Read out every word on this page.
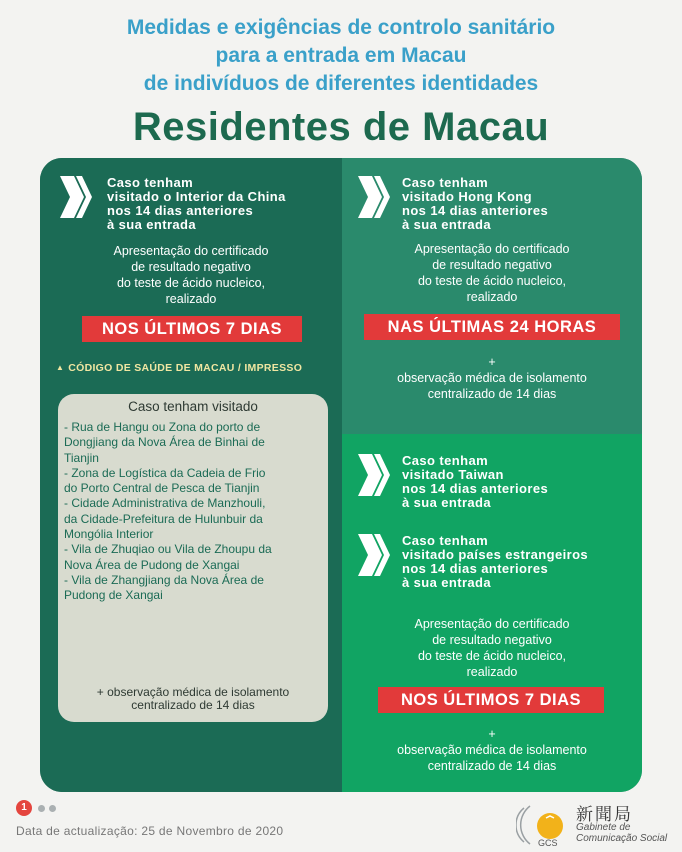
Medidas e exigências de controlo sanitário
para a entrada em Macau
de indivíduos de diferentes identidades
Residentes de Macau
Caso tenham
visitado o Interior da China
nos 14 dias anteriores
à sua entrada
Apresentação do certificado
de resultado negativo
do teste de ácido nucleico,
realizado
NOS ÚLTIMOS 7 DIAS
▲ CÓDIGO DE SAÚDE DE MACAU / IMPRESSO
Caso tenham visitado
- Rua de Hangu ou Zona do porto de
Dongjiang da Nova Área de Binhai de
Tianjin
- Zona de Logística da Cadeia de Frio
do Porto Central de Pesca de Tianjin
- Cidade Administrativa de Manzhouli,
da Cidade-Prefeitura de Hulunbuir da
Mongólia Interior
- Vila de Zhuqiao ou Vila de Zhoupu da
Nova Área de Pudong de Xangai
- Vila de Zhangjiang da Nova Área de
Pudong de Xangai
+ observação médica de isolamento
centralizado de 14 dias
Caso tenham
visitado Hong Kong
nos 14 dias anteriores
à sua entrada
Apresentação do certificado
de resultado negativo
do teste de ácido nucleico,
realizado
NAS ÚLTIMAS 24 HORAS
+
observação médica de isolamento
centralizado de 14 dias
Caso tenham
visitado Taiwan
nos 14 dias anteriores
à sua entrada
Caso tenham
visitado países estrangeiros
nos 14 dias anteriores
à sua entrada
Apresentação do certificado
de resultado negativo
do teste de ácido nucleico,
realizado
NOS ÚLTIMOS 7 DIAS
+
observação médica de isolamento
centralizado de 14 dias
1
Data de actualização: 25 de Novembro de 2020
GCS
新聞局
Gabinete de
Comunicação Social
